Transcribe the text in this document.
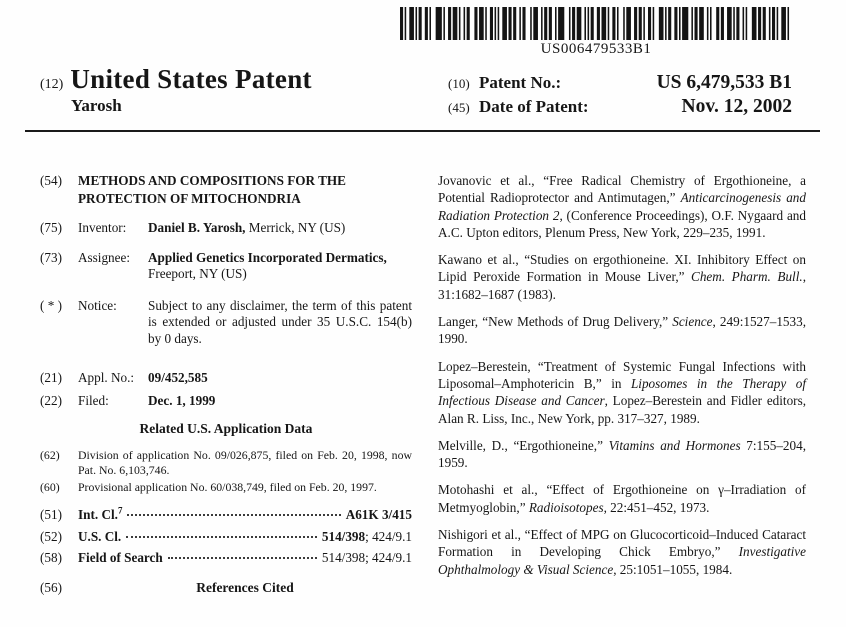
US006479533B1
(12) United States Patent
Yarosh
(10) Patent No.:	US 6,479,533 B1
(45) Date of Patent:	Nov. 12, 2002
(54)	METHODS AND COMPOSITIONS FOR THE PROTECTION OF MITOCHONDRIA
(75)	Inventor:	Daniel B. Yarosh, Merrick, NY (US)
(73)	Assignee:	Applied Genetics Incorporated Dermatics, Freeport, NY (US)
( * )	Notice:	Subject to any disclaimer, the term of this patent is extended or adjusted under 35 U.S.C. 154(b) by 0 days.
(21)	Appl. No.:	09/452,585
(22)	Filed:	Dec. 1, 1999
Related U.S. Application Data
(62)	Division of application No. 09/026,875, filed on Feb. 20, 1998, now Pat. No. 6,103,746.
(60)	Provisional application No. 60/038,749, filed on Feb. 20, 1997.
(51)	Int. Cl.$^7$	A61K 3/415
(52)	U.S. Cl.	514/398; 424/9.1
(58)	Field of Search	514/398; 424/9.1
(56)	References Cited

Jovanovic et al., “Free Radical Chemistry of Ergothioneine, a Potential Radioprotector and Antimutagen,” Anticarcinogenesis and Radiation Protection 2, (Conference Proceedings), O.F. Nygaard and A.C. Upton editors, Plenum Press, New York, 229–235, 1991.

Kawano et al., “Studies on ergothioneine. XI. Inhibitory Effect on Lipid Peroxide Formation in Mouse Liver,” Chem. Pharm. Bull., 31:1682–1687 (1983).

Langer, “New Methods of Drug Delivery,” Science, 249:1527–1533, 1990.

Lopez–Berestein, “Treatment of Systemic Fungal Infections with Liposomal–Amphotericin B,” in Liposomes in the Therapy of Infectious Disease and Cancer, Lopez–Berestein and Fidler editors, Alan R. Liss, Inc., New York, pp. 317–327, 1989.

Melville, D., “Ergothioneine,” Vitamins and Hormones 7:155–204, 1959.

Motohashi et al., “Effect of Ergothioneine on γ–Irradiation of Metmyoglobin,” Radioisotopes, 22:451–452, 1973.

Nishigori et al., “Effect of MPG on Glucocorticoid–Induced Cataract Formation in Developing Chick Embryo,” Investigative Ophthalmology & Visual Science, 25:1051–1055, 1984.
